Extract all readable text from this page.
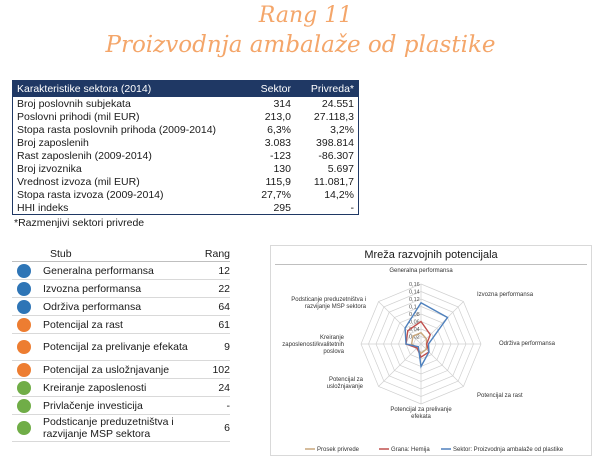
Rang 11
Proizvodnja ambalaže od plastike
Karakteristike sektora (2014)	Sektor	Privreda*
Broj poslovnih subjekata	314	24.551
Poslovni prihodi (mil EUR)	213,0	27.118,3
Stopa rasta poslovnih prihoda (2009-2014)	6,3%	3,2%
Broj zaposlenih	3.083	398.814
Rast zaposlenih (2009-2014)	-123	-86.307
Broj izvoznika	130	5.697
Vrednost izvoza (mil EUR)	115,9	11.081,7
Stopa rasta izvoza (2009-2014)	27,7%	14,2%
HHI indeks	295	-
*Razmenjivi sektori privrede
Stub	Rang
Generalna performansa	12
Izvozna performansa	22
Održiva performansa	64
Potencijal za rast	61
Potencijal za prelivanje efekata	9
Potencijal za usložnjavanje	102
Kreiranje zaposlenosti	24
Privlačenje investicija	-
Podsticanje preduzetništva i razvijanje MSP sektora	6
Mreža razvojnih potencijala
0,02
0,04
0,06
0,08
0,1
0,12
0,14
0,16
Generalna performansa
Izvozna performansa
Održiva performansa
Potencijal za rast
Potencijal za prelivanje efekata
Potencijal za usložnjavanje
Kreiranje zaposlenosti/kvalitetnih poslova
Podsticanje preduzetništva i razvijanje MSP sektora
Prosek privrede	Grana: Hemija	Sektor: Proizvodnja ambalaže od plastike
